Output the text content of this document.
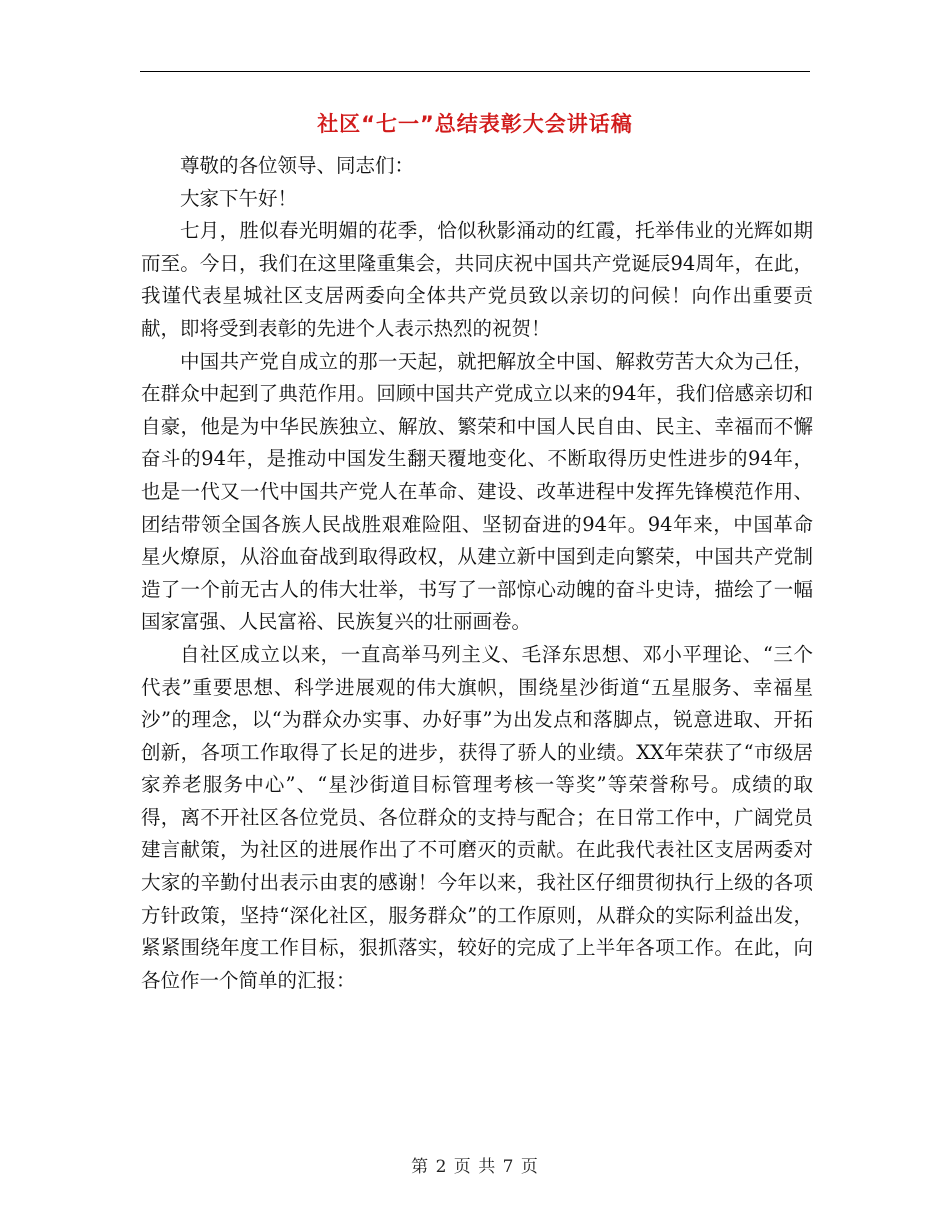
社区“七一”总结表彰大会讲话稿

尊敬的各位领导、同志们：

大家下午好！

七月，胜似春光明媚的花季，恰似秋影涌动的红霞，托举伟业的光辉如期而至。今日，我们在这里隆重集会，共同庆祝中国共产党诞辰94周年，在此，我谨代表星城社区支居两委向全体共产党员致以亲切的问候！向作出重要贡献，即将受到表彰的先进个人表示热烈的祝贺！

中国共产党自成立的那一天起，就把解放全中国、解救劳苦大众为己任，在群众中起到了典范作用。回顾中国共产党成立以来的94年，我们倍感亲切和自豪，他是为中华民族独立、解放、繁荣和中国人民自由、民主、幸福而不懈奋斗的94年，是推动中国发生翻天覆地变化、不断取得历史性进步的94年，也是一代又一代中国共产党人在革命、建设、改革进程中发挥先锋模范作用、团结带领全国各族人民战胜艰难险阻、坚韧奋进的94年。94年来，中国革命星火燎原，从浴血奋战到取得政权，从建立新中国到走向繁荣，中国共产党制造了一个前无古人的伟大壮举，书写了一部惊心动魄的奋斗史诗，描绘了一幅国家富强、人民富裕、民族复兴的壮丽画卷。

自社区成立以来，一直高举马列主义、毛泽东思想、邓小平理论、“三个代表”重要思想、科学进展观的伟大旗帜，围绕星沙街道“五星服务、幸福星沙”的理念，以“为群众办实事、办好事”为出发点和落脚点，锐意进取、开拓创新，各项工作取得了长足的进步，获得了骄人的业绩。XX年荣获了“市级居家养老服务中心”、“星沙街道目标管理考核一等奖”等荣誉称号。成绩的取得，离不开社区各位党员、各位群众的支持与配合；在日常工作中，广阔党员建言献策，为社区的进展作出了不可磨灭的贡献。在此我代表社区支居两委对大家的辛勤付出表示由衷的感谢！今年以来，我社区仔细贯彻执行上级的各项方针政策，坚持“深化社区，服务群众”的工作原则，从群众的实际利益出发，紧紧围绕年度工作目标，狠抓落实，较好的完成了上半年各项工作。在此，向各位作一个简单的汇报：

第 2 页 共 7 页
